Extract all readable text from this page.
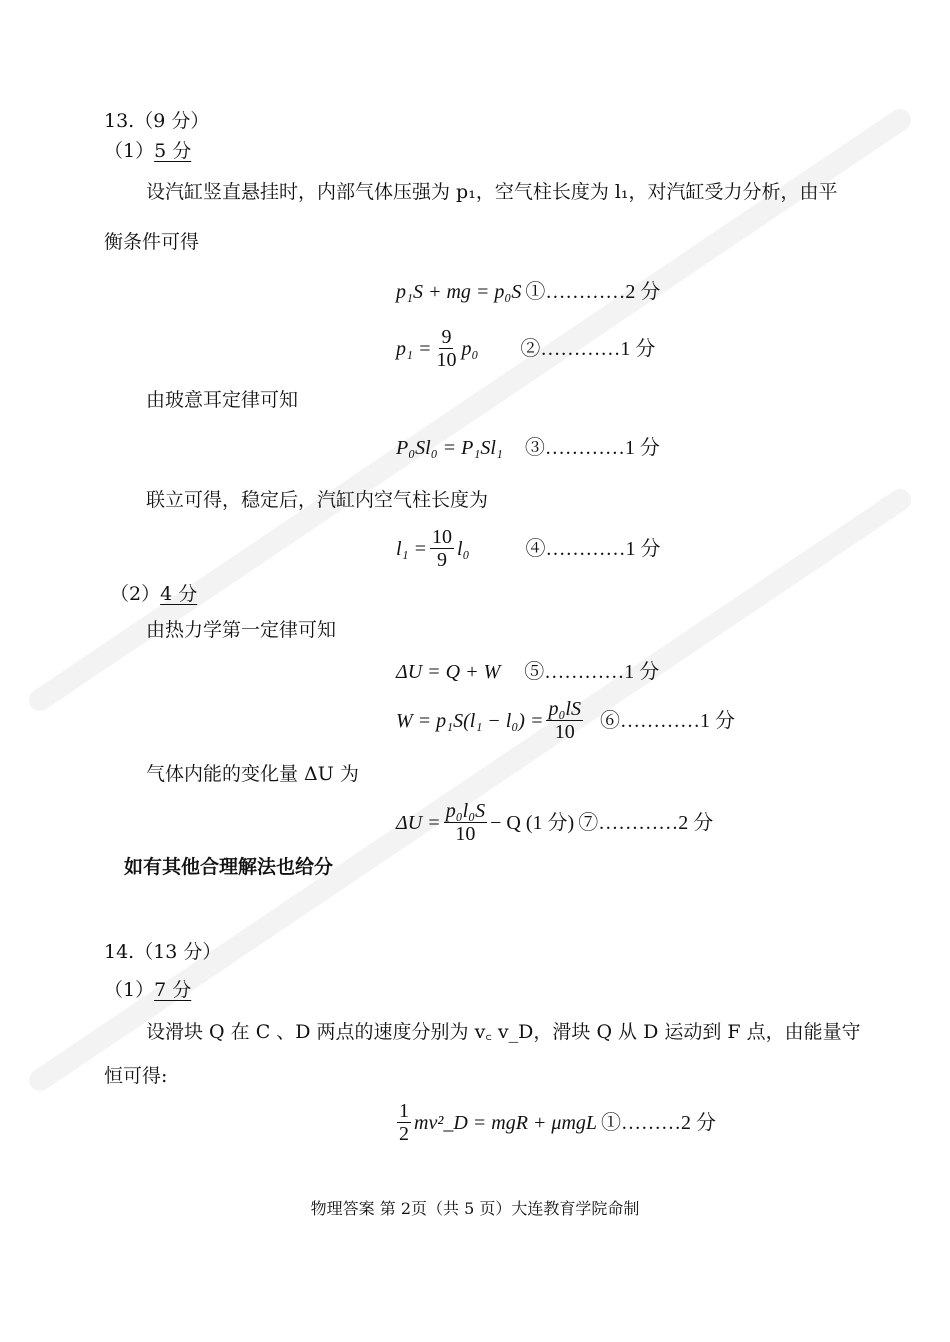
13.（9 分）
（1）5 分
设汽缸竖直悬挂时，内部气体压强为 p₁，空气柱长度为 l₁，对汽缸受力分析，由平
衡条件可得
p₁S + mg = p₀S ①…………2 分
$p_1 = \frac{9}{10} p_0$ ②…………1 分
由玻意耳定律可知
P₀Sl₀ = P₁Sl₁ ③…………1 分
联立可得，稳定后，汽缸内空气柱长度为
$l_1 = \frac{10}{9} l_0$	④…………1 分
（2）4 分
由热力学第一定律可知
ΔU = Q + W ⑤…………1 分
$W = p_1S(l_1 - l_0) = \frac{\text{p₀lS}}{10}$ ⑥…………1 分
气体内能的变化量 ΔU 为
$\Delta U = \frac{\text{p₀l₀S}}{10} - Q$ (1 分) ⑦…………2 分
如有其他合理解法也给分
14.（13 分）
（1）7 分
设滑块 Q 在 C 、D 两点的速度分别为 v꜀ v_D，滑块 Q 从 D 运动到 F 点，由能量守
恒可得:
$\frac{1}{2}$ mv²_D = mgR + μmgL ①………2 分
物理答案 第 2页（共 5 页）大连教育学院命制
